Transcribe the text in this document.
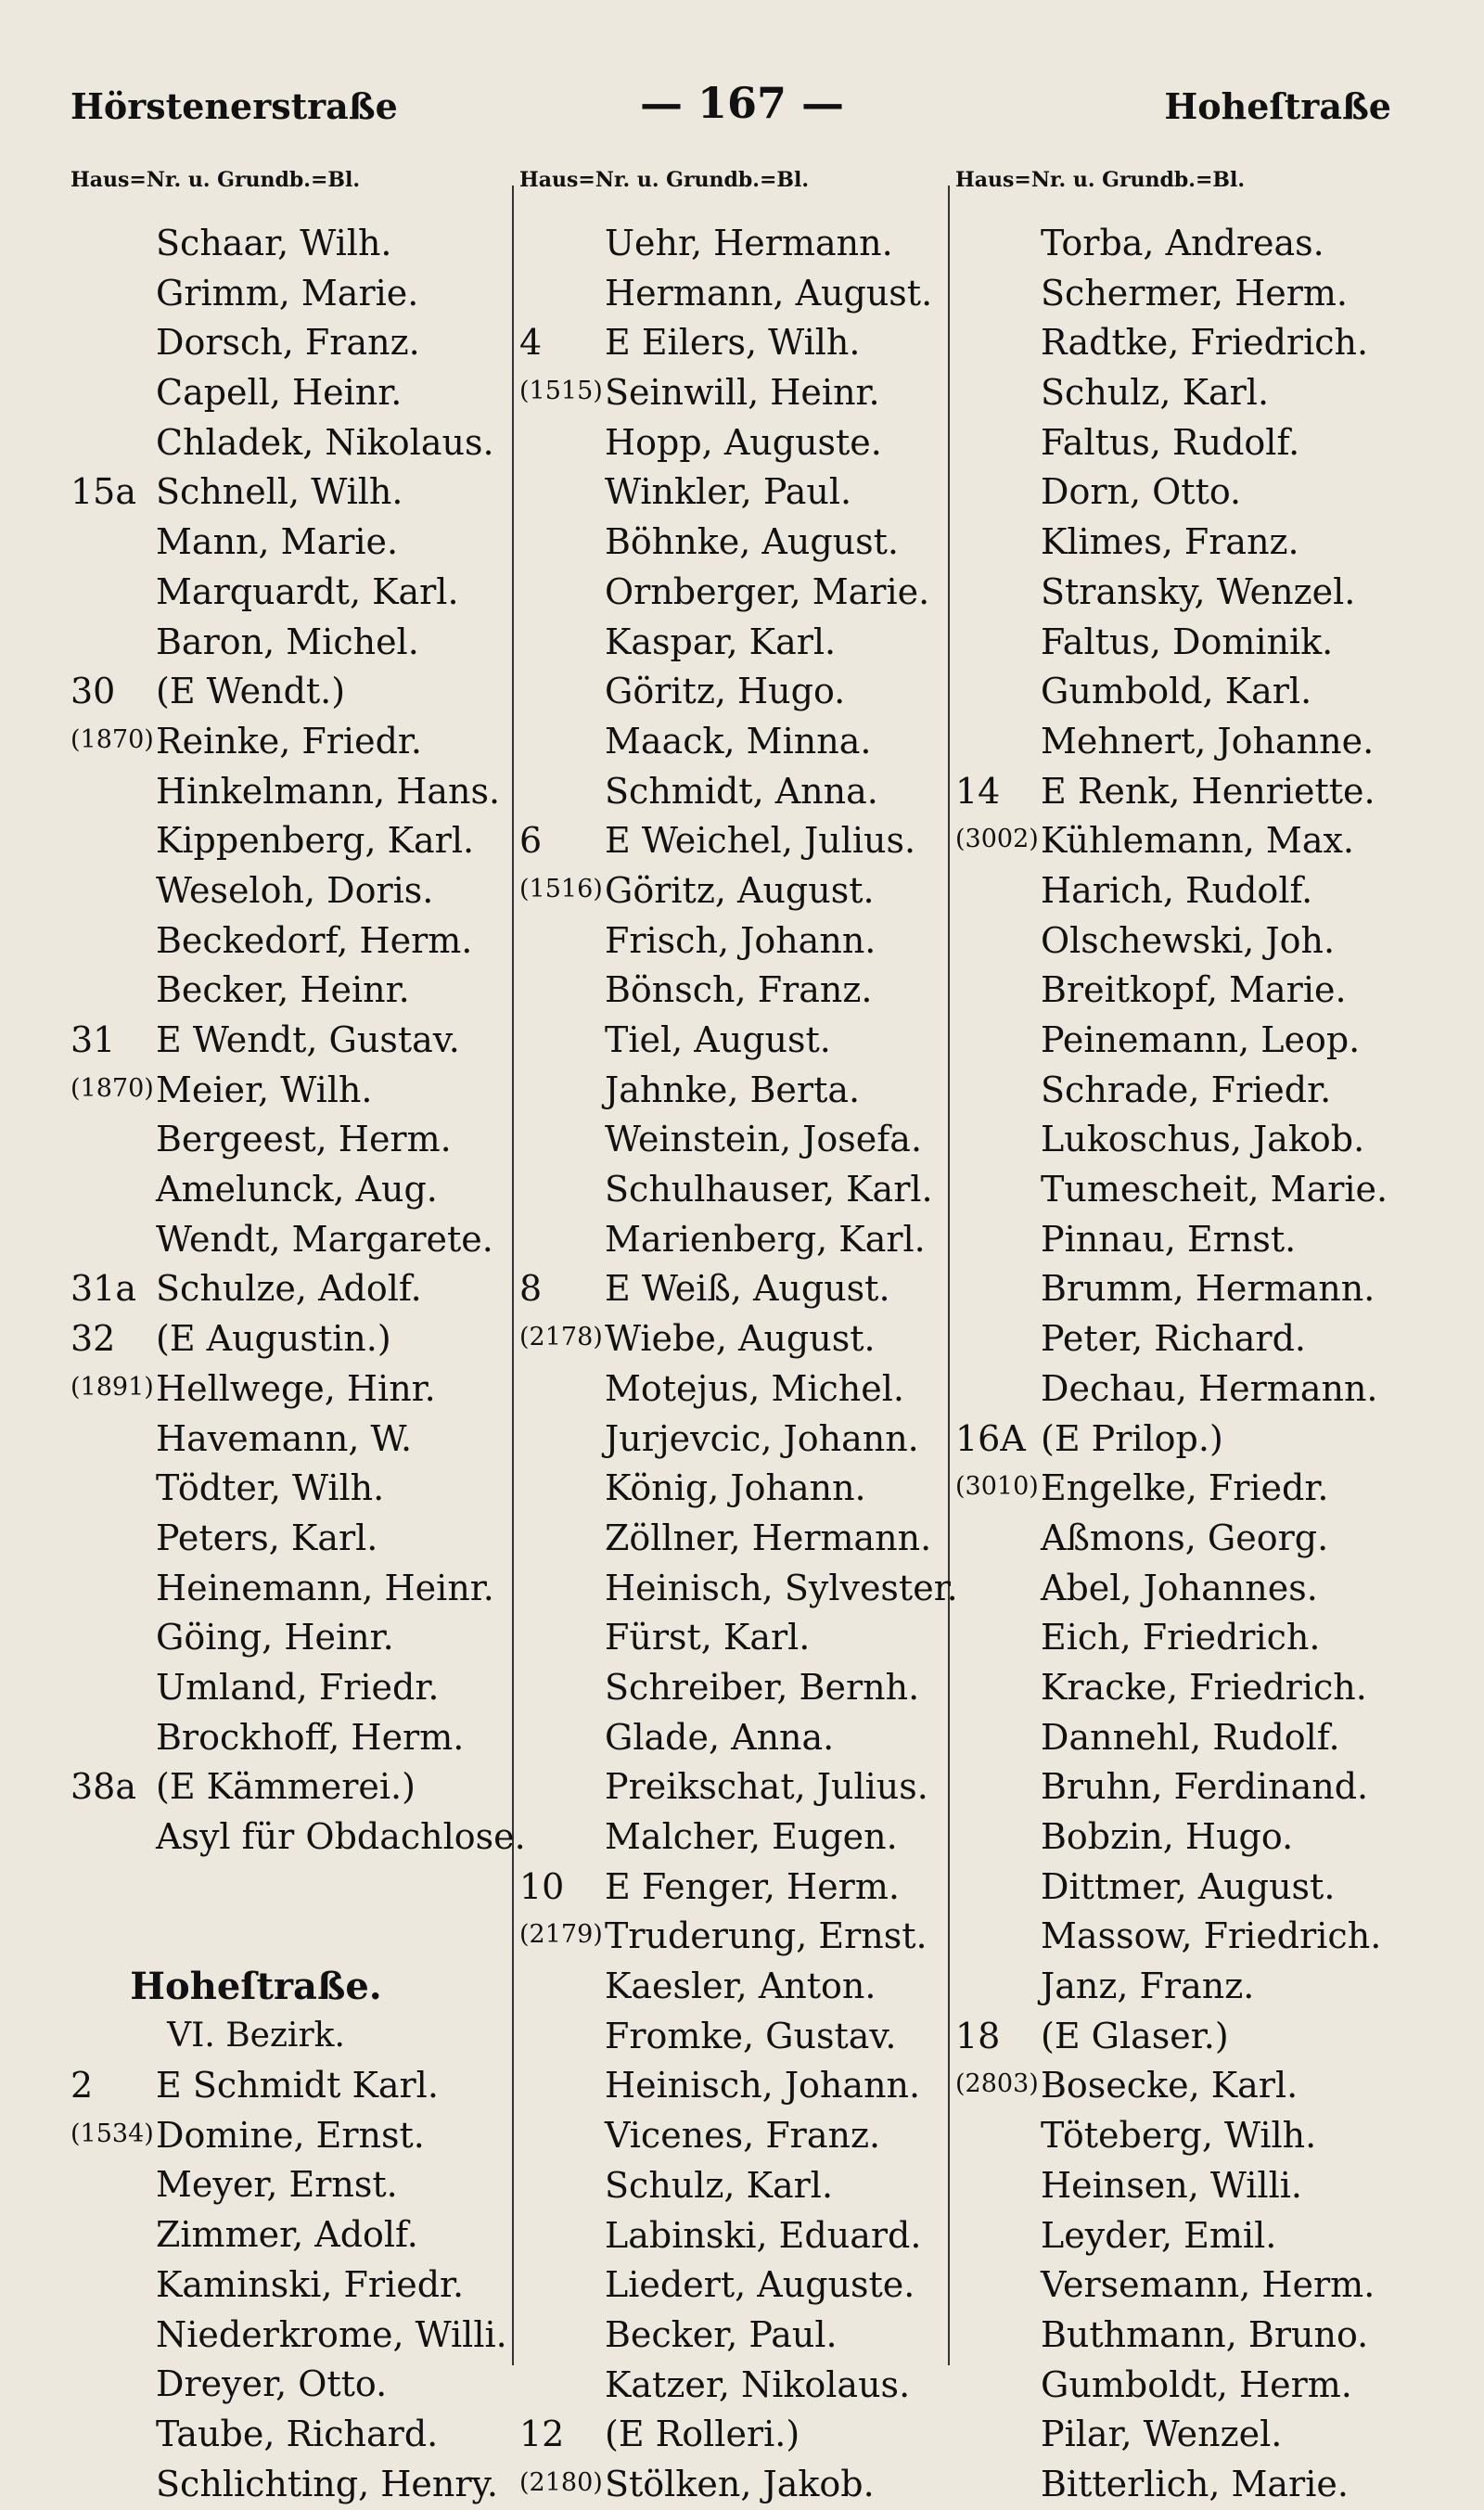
Hörstenerstraße	— 167 —	Hoheſtraße
Haus=Nr. u. Grundb.=Bl.
Schaar, Wilh.
Grimm, Marie.
Dorsch, Franz.
Capell, Heinr.
Chladek, Nikolaus.
15a Schnell, Wilh.
Mann, Marie.
Marquardt, Karl.
Baron, Michel.
30 (E Wendt.)
(1870) Reinke, Friedr.
Hinkelmann, Hans.
Kippenberg, Karl.
Weseloh, Doris.
Beckedorf, Herm.
Becker, Heinr.
31 E Wendt, Gustav.
(1870) Meier, Wilh.
Bergeest, Herm.
Amelunck, Aug.
Wendt, Margarete.
31a Schulze, Adolf.
32 (E Augustin.)
(1891) Hellwege, Hinr.
Havemann, W.
Tödter, Wilh.
Peters, Karl.
Heinemann, Heinr.
Göing, Heinr.
Umland, Friedr.
Brockhoff, Herm.
38a (E Kämmerei.)
Asyl für Obdachlose.
Hoheſtraße.
VI. Bezirk.
2 E Schmidt Karl.
(1534) Domine, Ernst.
Meyer, Ernst.
Zimmer, Adolf.
Kaminski, Friedr.
Niederkrome, Willi.
Dreyer, Otto.
Taube, Richard.
Schlichting, Henry.
Haus=Nr. u. Grundb.=Bl.
Uehr, Hermann.
Hermann, August.
4 E Eilers, Wilh.
(1515) Seinwill, Heinr.
Hopp, Auguste.
Winkler, Paul.
Böhnke, August.
Ornberger, Marie.
Kaspar, Karl.
Göritz, Hugo.
Maack, Minna.
Schmidt, Anna.
6 E Weichel, Julius.
(1516) Göritz, August.
Frisch, Johann.
Bönsch, Franz.
Tiel, August.
Jahnke, Berta.
Weinstein, Josefa.
Schulhauser, Karl.
Marienberg, Karl.
8 E Weiß, August.
(2178) Wiebe, August.
Motejus, Michel.
Jurjevcic, Johann.
König, Johann.
Zöllner, Hermann.
Heinisch, Sylvester.
Fürst, Karl.
Schreiber, Bernh.
Glade, Anna.
Preikschat, Julius.
Malcher, Eugen.
10 E Fenger, Herm.
(2179) Truderung, Ernst.
Kaesler, Anton.
Fromke, Gustav.
Heinisch, Johann.
Vicenes, Franz.
Schulz, Karl.
Labinski, Eduard.
Liedert, Auguste.
Becker, Paul.
Katzer, Nikolaus.
12 (E Rolleri.)
(2180) Stölken, Jakob.
Haus=Nr. u. Grundb.=Bl.
Torba, Andreas.
Schermer, Herm.
Radtke, Friedrich.
Schulz, Karl.
Faltus, Rudolf.
Dorn, Otto.
Klimes, Franz.
Stransky, Wenzel.
Faltus, Dominik.
Gumbold, Karl.
Mehnert, Johanne.
14 E Renk, Henriette.
(3002) Kühlemann, Max.
Harich, Rudolf.
Olschewski, Joh.
Breitkopf, Marie.
Peinemann, Leop.
Schrade, Friedr.
Lukoschus, Jakob.
Tumescheit, Marie.
Pinnau, Ernst.
Brumm, Hermann.
Peter, Richard.
Dechau, Hermann.
16A (E Prilop.)
(3010) Engelke, Friedr.
Aßmons, Georg.
Abel, Johannes.
Eich, Friedrich.
Kracke, Friedrich.
Dannehl, Rudolf.
Bruhn, Ferdinand.
Bobzin, Hugo.
Dittmer, August.
Massow, Friedrich.
Janz, Franz.
18 (E Glaser.)
(2803) Bosecke, Karl.
Töteberg, Wilh.
Heinsen, Willi.
Leyder, Emil.
Versemann, Herm.
Buthmann, Bruno.
Gumboldt, Herm.
Pilar, Wenzel.
Bitterlich, Marie.
